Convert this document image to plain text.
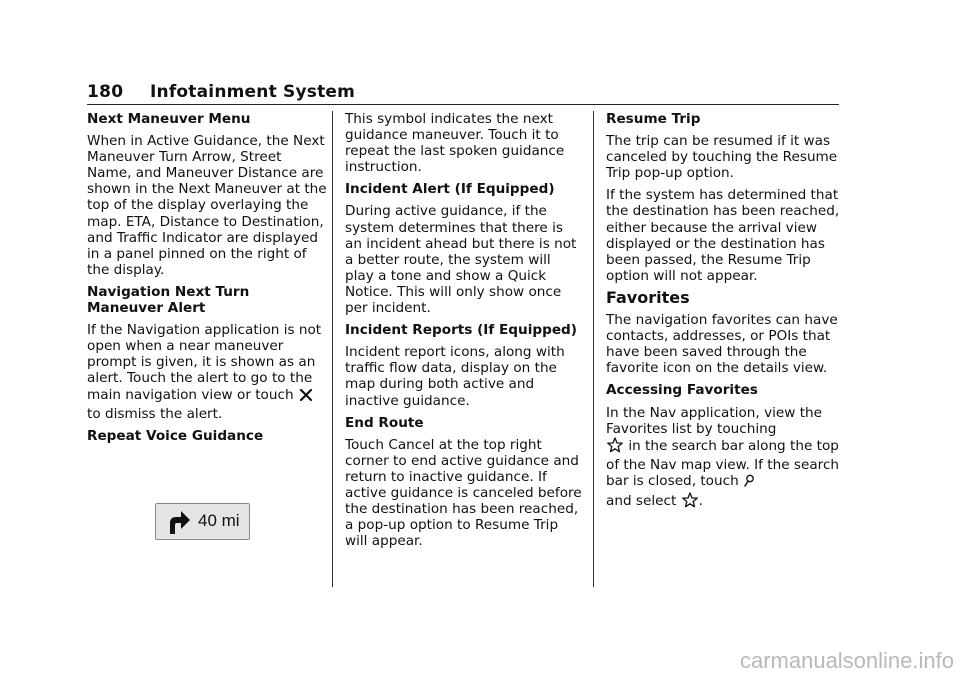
180 Infotainment System

Next Maneuver Menu

When in Active Guidance, the Next Maneuver Turn Arrow, Street Name, and Maneuver Distance are shown in the Next Maneuver at the top of the display overlaying the map. ETA, Distance to Destination, and Traffic Indicator are displayed in a panel pinned on the right of the display.

Navigation Next Turn Maneuver Alert

If the Navigation application is not open when a near maneuver prompt is given, it is shown as an alert. Touch the alert to go to the main navigation view or touch  to dismiss the alert.

Repeat Voice Guidance

40 mi

This symbol indicates the next guidance maneuver. Touch it to repeat the last spoken guidance instruction.

Incident Alert (If Equipped)

During active guidance, if the system determines that there is an incident ahead but there is not a better route, the system will play a tone and show a Quick Notice. This will only show once per incident.

Incident Reports (If Equipped)

Incident report icons, along with traffic flow data, display on the map during both active and inactive guidance.

End Route

Touch Cancel at the top right corner to end active guidance and return to inactive guidance. If active guidance is canceled before the destination has been reached, a pop-up option to Resume Trip will appear.

Resume Trip

The trip can be resumed if it was canceled by touching the Resume Trip pop-up option.

If the system has determined that the destination has been reached, either because the arrival view displayed or the destination has been passed, the Resume Trip option will not appear.

Favorites

The navigation favorites can have contacts, addresses, or POIs that have been saved through the favorite icon on the details view.

Accessing Favorites

In the Nav application, view the Favorites list by touching
in the search bar along the top of the Nav map view. If the search bar is closed, touch
and select .

carmanualsonline.info
